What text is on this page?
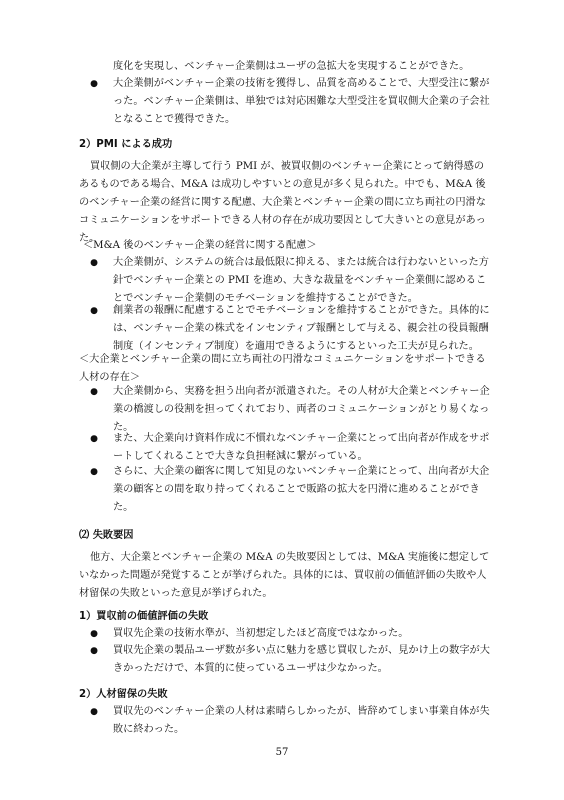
度化を実現し、ベンチャー企業側はユーザの急拡大を実現することができた。
●	大企業側がベンチャー企業の技術を獲得し、品質を高めることで、大型受注に繋がった。ベンチャー企業側は、単独では対応困難な大型受注を買収側大企業の子会社となることで獲得できた。
2）PMI による成功

買収側の大企業が主導して行う PMI が、被買収側のベンチャー企業にとって納得感のあるものである場合、M&A は成功しやすいとの意見が多く見られた。中でも、M&A 後のベンチャー企業の経営に関する配慮、大企業とベンチャー企業の間に立ち両社の円滑なコミュニケーションをサポートできる人材の存在が成功要因として大きいとの意見があった。

＜M&A 後のベンチャー企業の経営に関する配慮＞
●	大企業側が、システムの統合は最低限に抑える、または統合は行わないといった方針でベンチャー企業との PMI を進め、大きな裁量をベンチャー企業側に認めることでベンチャー企業側のモチベーションを維持することができた。
●	創業者の報酬に配慮することでモチベーションを維持することができた。具体的には、ベンチャー企業の株式をインセンティブ報酬として与える、親会社の役員報酬制度（インセンティブ制度）を適用できるようにするといった工夫が見られた。
＜大企業とベンチャー企業の間に立ち両社の円滑なコミュニケーションをサポートできる人材の存在＞
●	大企業側から、実務を担う出向者が派遣された。その人材が大企業とベンチャー企業の橋渡しの役割を担ってくれており、両者のコミュニケーションがとり易くなった。
●	また、大企業向け資料作成に不慣れなベンチャー企業にとって出向者が作成をサポートしてくれることで大きな負担軽減に繋がっている。
●	さらに、大企業の顧客に関して知見のないベンチャー企業にとって、出向者が大企業の顧客との間を取り持ってくれることで販路の拡大を円滑に進めることができた。
⑵ 失敗要因

他方、大企業とベンチャー企業の M&A の失敗要因としては、M&A 実施後に想定していなかった問題が発覚することが挙げられた。具体的には、買収前の価値評価の失敗や人材留保の失敗といった意見が挙げられた。

1）買収前の価値評価の失敗
●	買収先企業の技術水準が、当初想定したほど高度ではなかった。
●	買収先企業の製品ユーザ数が多い点に魅力を感じ買収したが、見かけ上の数字が大きかっただけで、本質的に使っているユーザは少なかった。
2）人材留保の失敗
●	買収先のベンチャー企業の人材は素晴らしかったが、皆辞めてしまい事業自体が失敗に終わった。
57
